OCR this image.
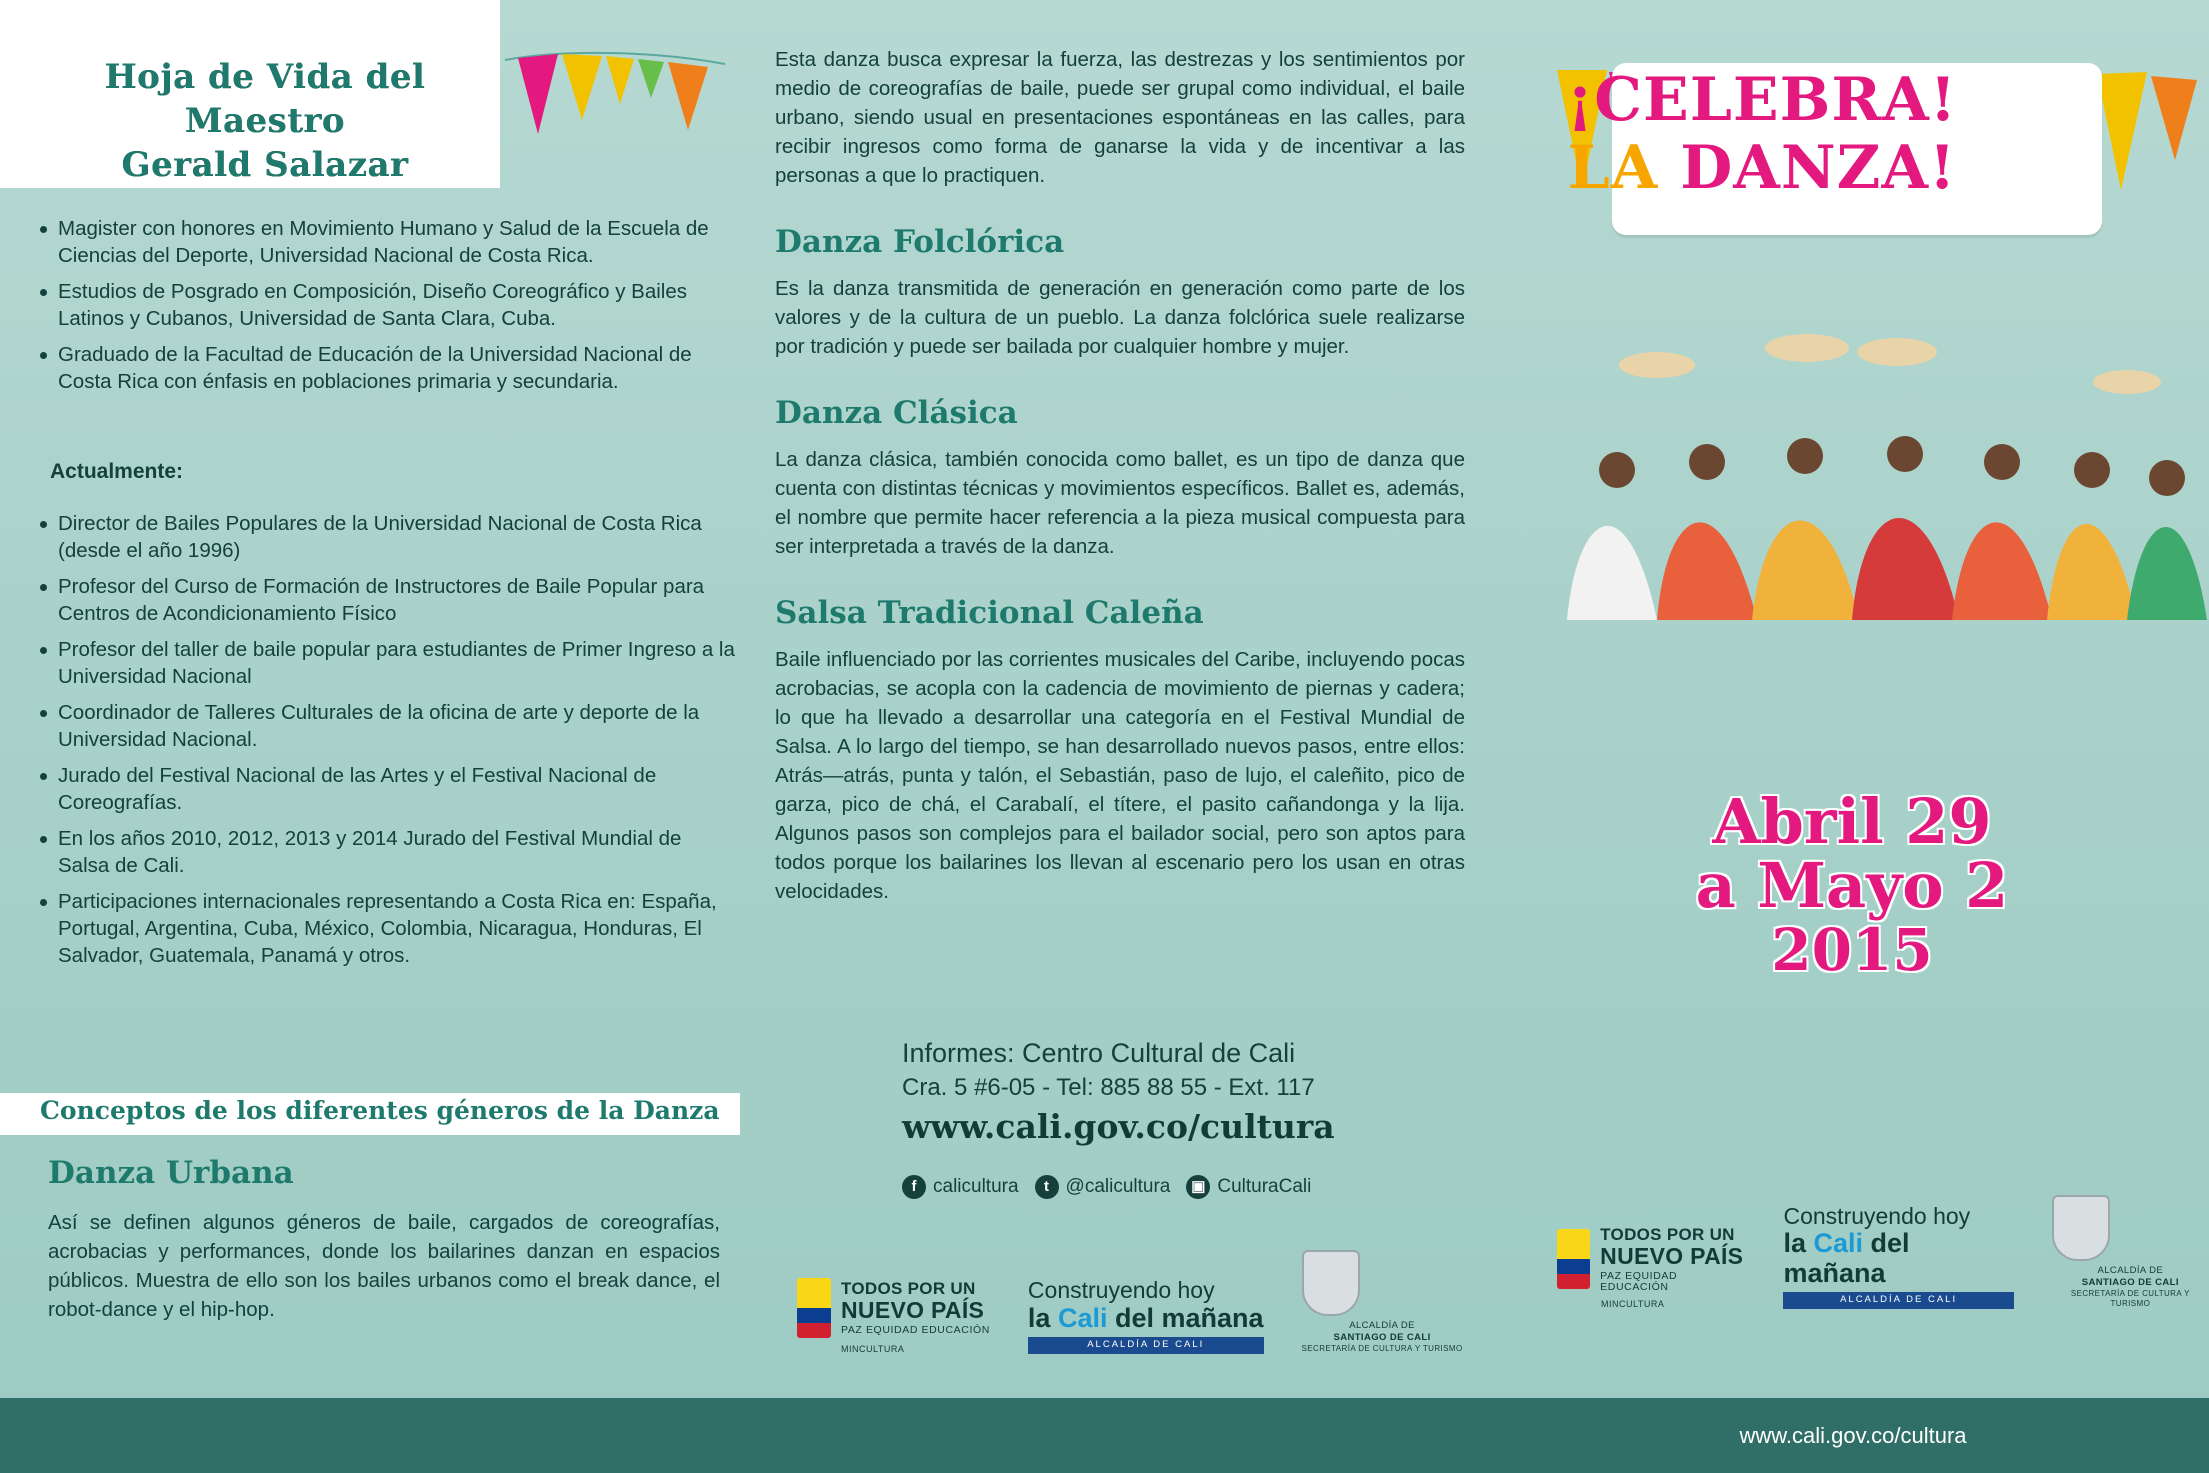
Hoja de Vida del Maestro
Gerald Salazar
Magister con honores en Movimiento Humano y Salud de la Escuela de Ciencias del Deporte, Universidad Nacional de Costa Rica.
Estudios de Posgrado en Composición, Diseño Coreográfico y Bailes Latinos y Cubanos, Universidad de Santa Clara, Cuba.
Graduado de la Facultad de Educación de la Universidad Nacional de Costa Rica con énfasis en poblaciones primaria y secundaria.
Actualmente:
Director de Bailes Populares de la Universidad Nacional de Costa Rica (desde el año 1996)
Profesor del Curso de Formación de Instructores de Baile Popular para Centros de Acondicionamiento Físico
Profesor del taller de baile popular para estudiantes de Primer Ingreso a la Universidad Nacional
Coordinador de Talleres Culturales de la oficina de arte y deporte de la Universidad Nacional.
Jurado del Festival Nacional de las Artes y el Festival Nacional de Coreografías.
En los años 2010, 2012, 2013 y 2014 Jurado del Festival Mundial de Salsa de Cali.
Participaciones internacionales representando a Costa Rica en: España, Portugal, Argentina, Cuba, México, Colombia, Nicaragua, Honduras, El Salvador, Guatemala, Panamá y otros.
Conceptos de los diferentes géneros de la Danza
Danza Urbana
Así se definen algunos géneros de baile, cargados de coreografías, acrobacias y performances, donde los bailarines danzan en espacios públicos. Muestra de ello son los bailes urbanos como el break dance, el robot-dance y el hip-hop.

Esta danza busca expresar la fuerza, las destrezas y los sentimientos por medio de coreografías de baile, puede ser grupal como individual, el baile urbano, siendo usual en presentaciones espontáneas en las calles, para recibir ingresos como forma de ganarse la vida y de incentivar a las personas a que lo practiquen.

Danza Folclórica

Es la danza transmitida de generación en generación como parte de los valores y de la cultura de un pueblo. La danza folclórica suele realizarse por tradición y puede ser bailada por cualquier hombre y mujer.

Danza Clásica

La danza clásica, también conocida como ballet, es un tipo de danza que cuenta con distintas técnicas y movimientos específicos. Ballet es, además, el nombre que permite hacer referencia a la pieza musical compuesta para ser interpretada a través de la danza.

Salsa Tradicional Caleña

Baile influenciado por las corrientes musicales del Caribe, incluyendo pocas acrobacias, se acopla con la cadencia de movimiento de piernas y cadera; lo que ha llevado a desarrollar una categoría en el Festival Mundial de Salsa. A lo largo del tiempo, se han desarrollado nuevos pasos, entre ellos: Atrás—atrás, punta y talón, el Sebastián, paso de lujo, el caleñito, pico de garza, pico de chá, el Carabalí, el títere, el pasito cañandonga y la lija. Algunos pasos son complejos para el bailador social, pero son aptos para todos porque los bailarines los llevan al escenario pero los usan en otras velocidades.

Informes: Centro Cultural de Cali
Cra. 5 #6-05 - Tel: 885 88 55 - Ext. 117
www.cali.gov.co/cultura
f calicultura	t @calicultura	▣ CulturaCali
TODOS POR UN
NUEVO PAÍS
PAZ EQUIDAD EDUCACIÓN
MINCULTURA
Construyendo hoy
la Cali del mañana
ALCALDÍA DE CALI
ALCALDÍA DE
SANTIAGO DE CALI
SECRETARÍA DE CULTURA Y TURISMO
¡CELEBRA!
LA DANZA!
Abril 29
a Mayo 2
2015
TODOS POR UN
NUEVO PAÍS
PAZ EQUIDAD EDUCACIÓN
MINCULTURA
Construyendo hoy
la Cali del mañana
ALCALDÍA DE CALI
ALCALDÍA DE
SANTIAGO DE CALI
SECRETARÍA DE CULTURA Y TURISMO
www.cali.gov.co/cultura
